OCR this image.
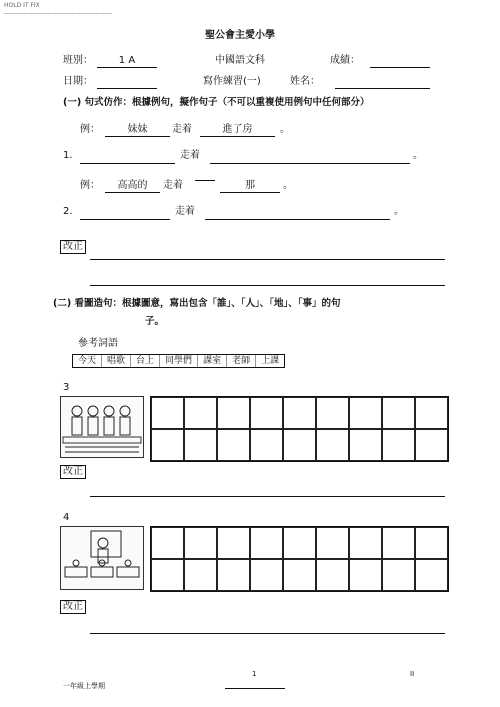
HOLD IT FIX
——————————————————
聖公會主愛小學
班別：	1 A	中國語文科	成績：
日期：	寫作練習(一)	姓名：
(一) 句式仿作：根據例句，擬作句子（不可以重複使用例句中任何部分）
例：	妹妹	走着	進了房	。
1.	走着	。
例：	高高的	走着	那	。
2.	走着	。
改正
(二) 看圖造句：根據圖意，寫出包含「誰」、「人」、「地」、「事」的句
子。
參考詞語
今天	唱歌	台上	同學們	課室	老師	上課
3
改正
4
改正
一年級上學期
1	II
